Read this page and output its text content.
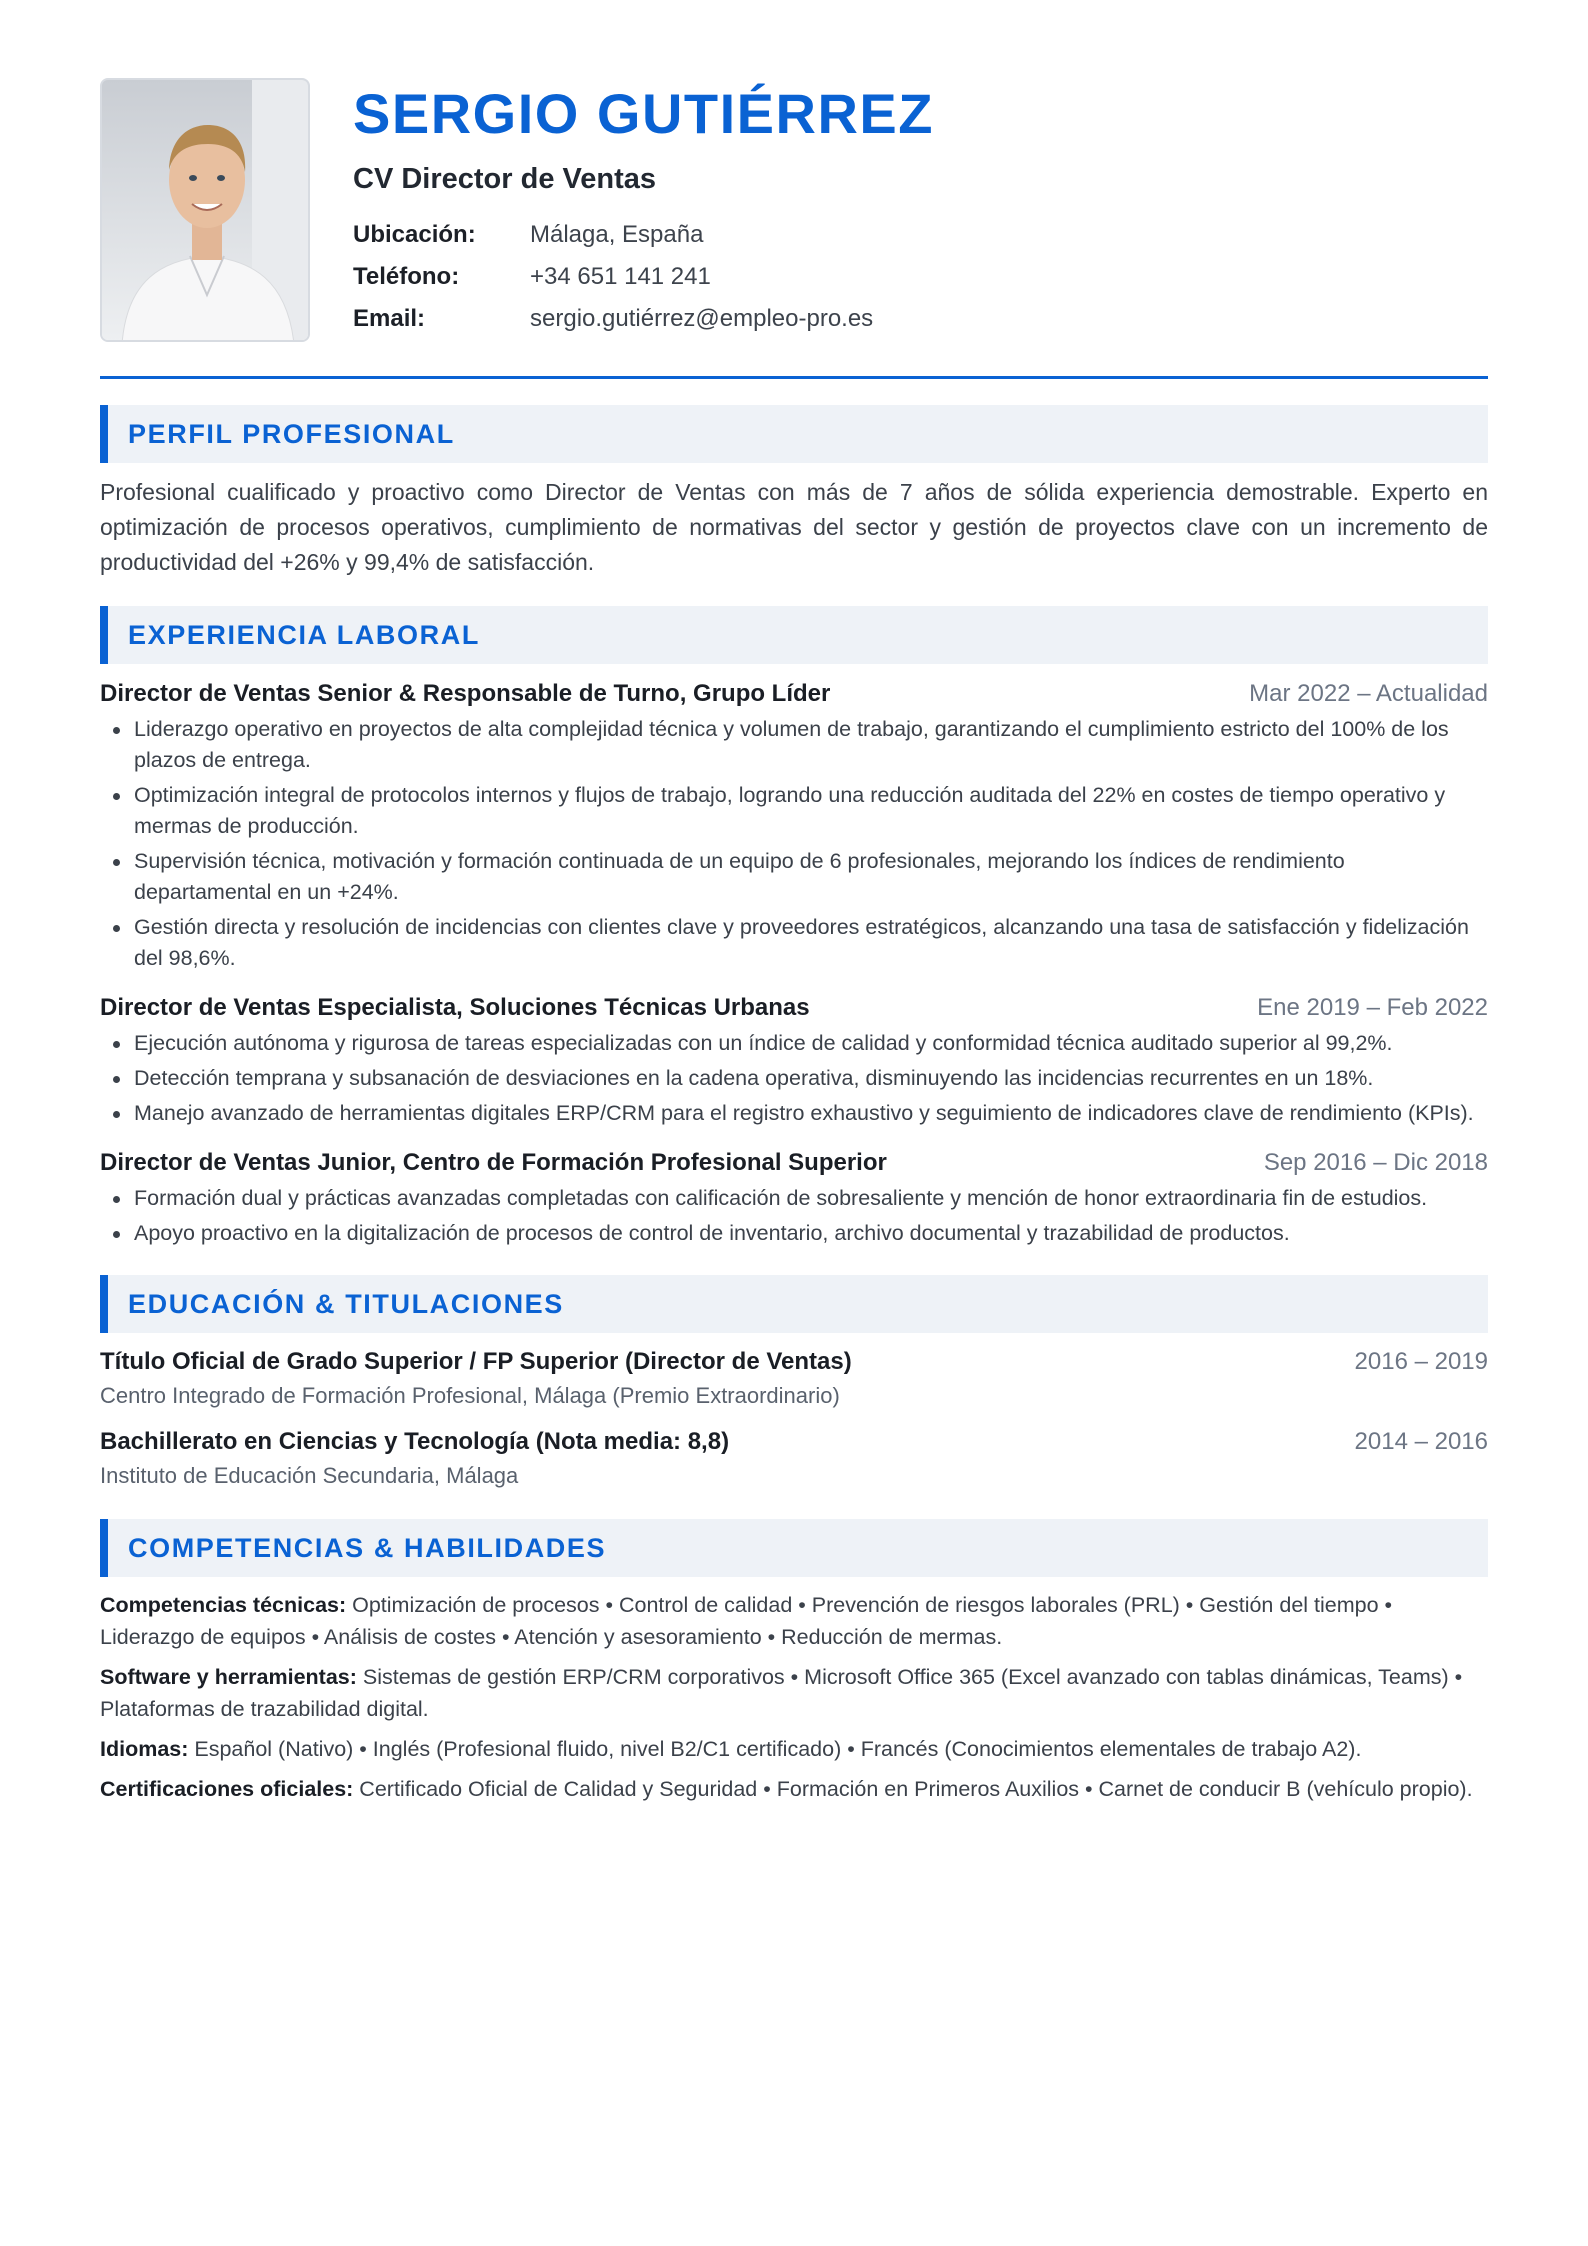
SERGIO GUTIÉRREZ
CV Director de Ventas
Ubicación:	Málaga, España
Teléfono:	+34 651 141 241
Email:	sergio.gutiérrez@empleo-pro.es
PERFIL PROFESIONAL

Profesional cualificado y proactivo como Director de Ventas con más de 7 años de sólida experiencia demostrable. Experto en optimización de procesos operativos, cumplimiento de normativas del sector y gestión de proyectos clave con un incremento de productividad del +26% y 99,4% de satisfacción.

EXPERIENCIA LABORAL
Director de Ventas Senior & Responsable de Turno, Grupo Líder	Mar 2022 – Actualidad
Liderazgo operativo en proyectos de alta complejidad técnica y volumen de trabajo, garantizando el cumplimiento estricto del 100% de los plazos de entrega.
Optimización integral de protocolos internos y flujos de trabajo, logrando una reducción auditada del 22% en costes de tiempo operativo y mermas de producción.
Supervisión técnica, motivación y formación continuada de un equipo de 6 profesionales, mejorando los índices de rendimiento departamental en un +24%.
Gestión directa y resolución de incidencias con clientes clave y proveedores estratégicos, alcanzando una tasa de satisfacción y fidelización del 98,6%.
Director de Ventas Especialista, Soluciones Técnicas Urbanas	Ene 2019 – Feb 2022
Ejecución autónoma y rigurosa de tareas especializadas con un índice de calidad y conformidad técnica auditado superior al 99,2%.
Detección temprana y subsanación de desviaciones en la cadena operativa, disminuyendo las incidencias recurrentes en un 18%.
Manejo avanzado de herramientas digitales ERP/CRM para el registro exhaustivo y seguimiento de indicadores clave de rendimiento (KPIs).
Director de Ventas Junior, Centro de Formación Profesional Superior	Sep 2016 – Dic 2018
Formación dual y prácticas avanzadas completadas con calificación de sobresaliente y mención de honor extraordinaria fin de estudios.
Apoyo proactivo en la digitalización de procesos de control de inventario, archivo documental y trazabilidad de productos.
EDUCACIÓN & TITULACIONES
Título Oficial de Grado Superior / FP Superior (Director de Ventas)	2016 – 2019
Centro Integrado de Formación Profesional, Málaga (Premio Extraordinario)
Bachillerato en Ciencias y Tecnología (Nota media: 8,8)	2014 – 2016
Instituto de Educación Secundaria, Málaga
COMPETENCIAS & HABILIDADES

Competencias técnicas: Optimización de procesos • Control de calidad • Prevención de riesgos laborales (PRL) • Gestión del tiempo • Liderazgo de equipos • Análisis de costes • Atención y asesoramiento • Reducción de mermas.

Software y herramientas: Sistemas de gestión ERP/CRM corporativos • Microsoft Office 365 (Excel avanzado con tablas dinámicas, Teams) • Plataformas de trazabilidad digital.

Idiomas: Español (Nativo) • Inglés (Profesional fluido, nivel B2/C1 certificado) • Francés (Conocimientos elementales de trabajo A2).

Certificaciones oficiales: Certificado Oficial de Calidad y Seguridad • Formación en Primeros Auxilios • Carnet de conducir B (vehículo propio).
